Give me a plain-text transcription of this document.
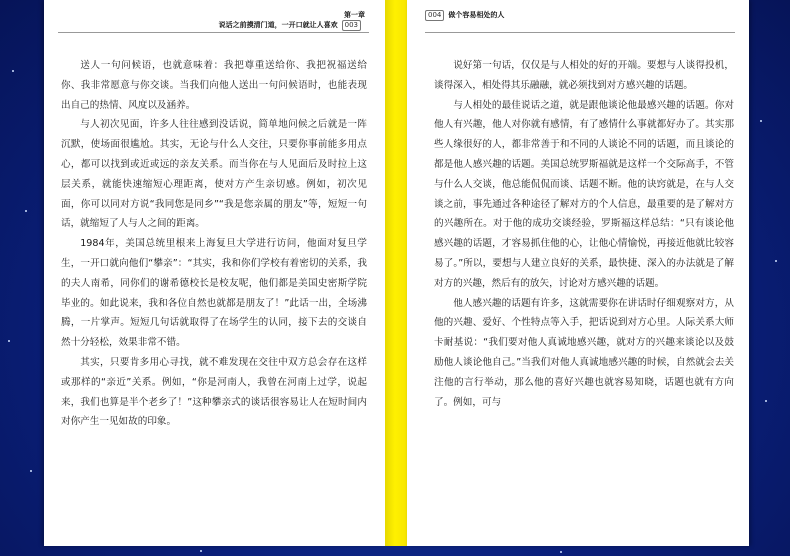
第一章
说话之前摸清门道，一开口就让人喜欢 003

送人一句问候语，也就意味着：我把尊重送给你、我把祝福送给你、我非常愿意与你交谈。当我们向他人送出一句问候语时，也能表现出自己的热情、风度以及涵养。

与人初次见面，许多人往往感到没话说，简单地问候之后就是一阵沉默，使场面很尴尬。其实，无论与什么人交往，只要你事前能多用点心，都可以找到或近或远的亲友关系。而当你在与人见面后及时拉上这层关系，就能快速缩短心理距离，使对方产生亲切感。例如，初次见面，你可以同对方说“我同您是同乡”“我是您亲属的朋友”等，短短一句话，就缩短了人与人之间的距离。

1984年，美国总统里根来上海复旦大学进行访问，他面对复旦学生，一开口就向他们“攀亲”：“其实，我和你们学校有着密切的关系，我的夫人南希，同你们的谢希德校长是校友呢，他们都是美国史密斯学院毕业的。如此说来，我和各位自然也就都是朋友了！”此话一出，全场沸腾，一片掌声。短短几句话就取得了在场学生的认同，接下去的交谈自然十分轻松，效果非常不错。

其实，只要肯多用心寻找，就不难发现在交往中双方总会存在这样或那样的“亲近”关系。例如，“你是河南人，我曾在河南上过学，说起来，我们也算是半个老乡了！”这种攀亲式的谈话很容易让人在短时间内对你产生一见如故的印象。

004 做个容易相处的人

说好第一句话，仅仅是与人相处的好的开端。要想与人谈得投机，谈得深入，相处得其乐融融，就必须找到对方感兴趣的话题。

与人相处的最佳说话之道，就是跟他谈论他最感兴趣的话题。你对他人有兴趣，他人对你就有感情，有了感情什么事就都好办了。其实那些人缘很好的人，都非常善于和不同的人谈论不同的话题，而且谈论的都是他人感兴趣的话题。美国总统罗斯福就是这样一个交际高手，不管与什么人交谈，他总能侃侃而谈、话题不断。他的诀窍就是，在与人交谈之前，事先通过各种途径了解对方的个人信息，最重要的是了解对方的兴趣所在。对于他的成功交谈经验，罗斯福这样总结：“只有谈论他感兴趣的话题，才容易抓住他的心，让他心情愉悦，再接近他就比较容易了。”所以，要想与人建立良好的关系，最快捷、深入的办法就是了解对方的兴趣，然后有的放矢，讨论对方感兴趣的话题。

他人感兴趣的话题有许多，这就需要你在讲话时仔细观察对方，从他的兴趣、爱好、个性特点等入手，把话说到对方心里。人际关系大师卡耐基说：“我们要对他人真诚地感兴趣，就对方的兴趣来谈论以及鼓励他人谈论他自己。”当我们对他人真诚地感兴趣的时候，自然就会去关注他的言行举动，那么他的喜好兴趣也就容易知晓，话题也就有方向了。例如，可与
